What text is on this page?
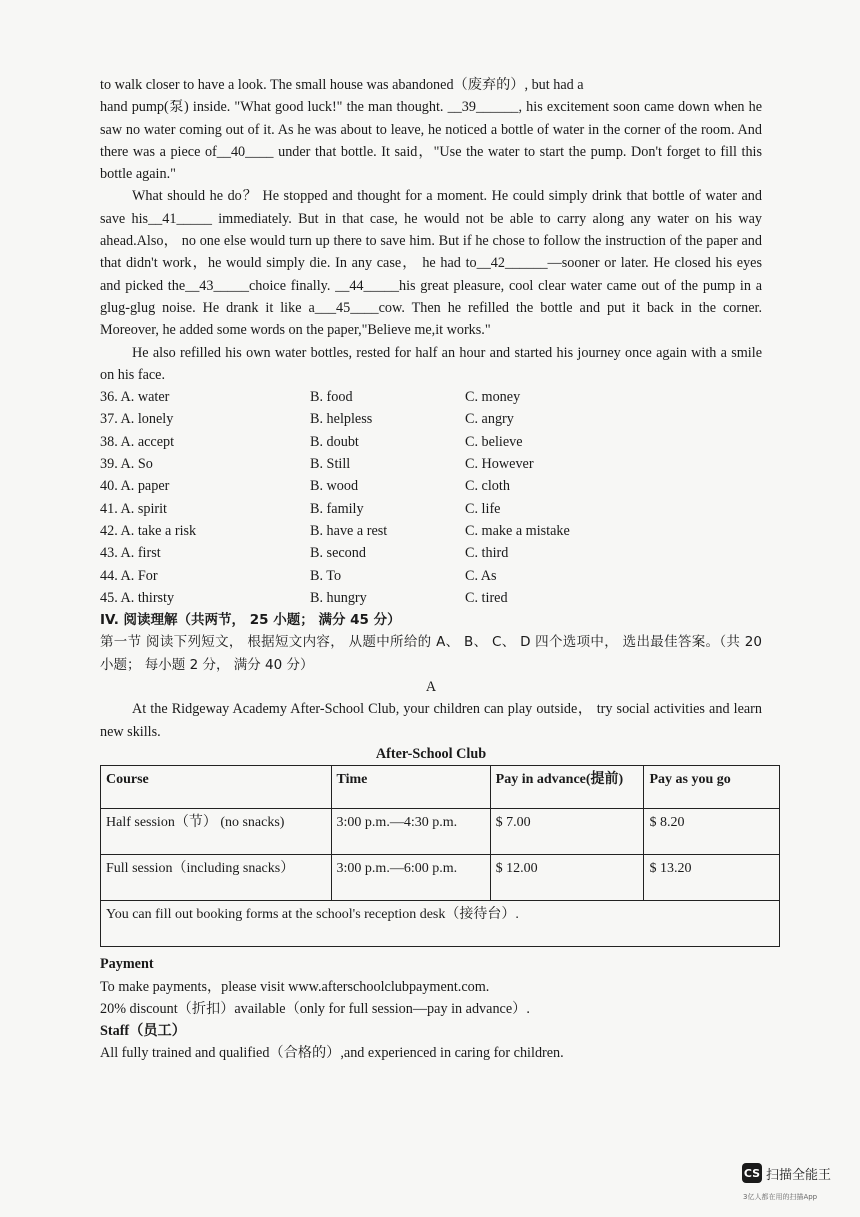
to walk closer to have a look. The small house was abandoned（废弃的）, but had a
hand pump(泵) inside. "What good luck!" the man thought. __39______, his excitement soon came down when he saw no water coming out of it. As he was about to leave, he noticed a bottle of water in the corner of the room. And there was a piece of__40____ under that bottle. It said，"Use the water to start the pump. Don't forget to fill this bottle again."

What should he do？ He stopped and thought for a moment. He could simply drink that bottle of water and save his__41_____ immediately. But in that case, he would not be able to carry along any water on his way ahead.Also， no one else would turn up there to save him. But if he chose to follow the instruction of the paper and that didn't work，he would simply die. In any case， he had to__42______—sooner or later. He closed his eyes and picked the__43_____choice finally. __44_____his great pleasure, cool clear water came out of the pump in a glug-glug noise. He drank it like a___45____cow. Then he refilled the bottle and put it back in the corner. Moreover, he added some words on the paper,"Believe me,it works."

He also refilled his own water bottles, rested for half an hour and started his journey once again with a smile on his face.

36. A. water	B. food	C. money
37. A. lonely	B. helpless	C. angry
38. A. accept	B. doubt	C. believe
39. A. So	B. Still	C. However
40. A. paper	B. wood	C. cloth
41. A. spirit	B. family	C. life
42. A. take a risk	B. have a rest	C. make a mistake
43. A. first	B. second	C. third
44. A. For	B. To	C. As
45. A. thirsty	B. hungry	C. tired

IV. 阅读理解（共两节， 25 小题； 满分 45 分）

第一节 阅读下列短文， 根据短文内容， 从题中所给的 A、 B、 C、 D 四个选项中， 选出最佳答案。（共 20 小题； 每小题 2 分， 满分 40 分）

A

At the Ridgeway Academy After-School Club, your children can play outside， try social activities and learn new skills.

After-School Club

Course	Time	Pay in advance(提前)	Pay as you go
Half session（节） (no snacks)	3:00 p.m.—4:30 p.m.	$ 7.00	$ 8.20
Full session（including snacks）	3:00 p.m.—6:00 p.m.	$ 12.00	$ 13.20
You can fill out booking forms at the school's reception desk（接待台）.			
Payment
To make payments，please visit www.afterschoolclubpayment.com.
20% discount（折扣）available（only for full session—pay in advance）.
Staff（员工）
All fully trained and qualified（合格的）,and experienced in caring for children.
CS 扫描全能王
3亿人都在用的扫描App
